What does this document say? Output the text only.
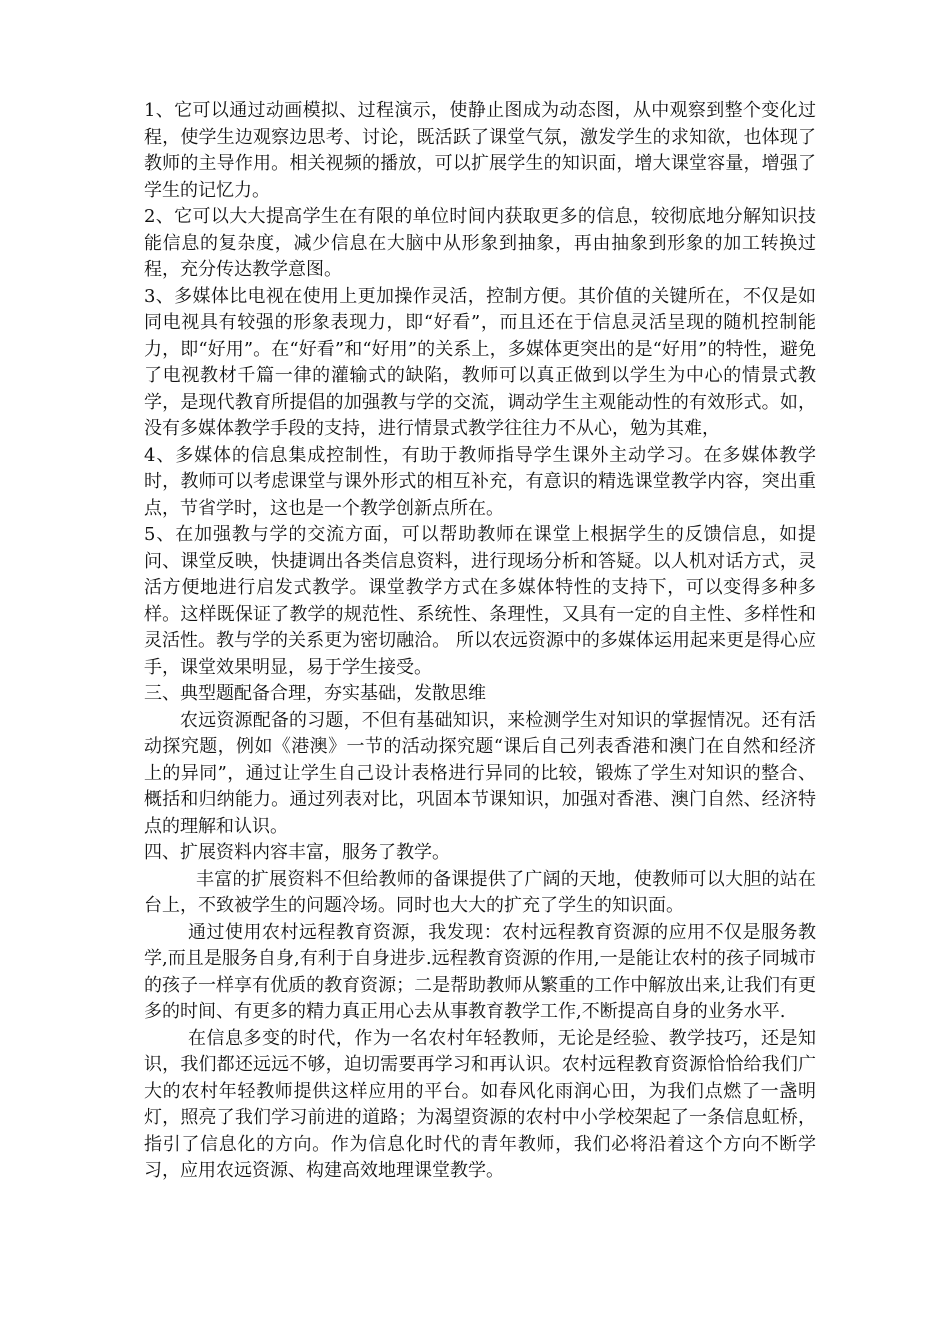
1、它可以通过动画模拟、过程演示，使静止图成为动态图，从中观察到整个变化过程，使学生边观察边思考、讨论，既活跃了课堂气氛，激发学生的求知欲，也体现了教师的主导作用。相关视频的播放，可以扩展学生的知识面，增大课堂容量，增强了学生的记忆力。

2、它可以大大提高学生在有限的单位时间内获取更多的信息，较彻底地分解知识技能信息的复杂度，减少信息在大脑中从形象到抽象，再由抽象到形象的加工转换过程，充分传达教学意图。

3、多媒体比电视在使用上更加操作灵活，控制方便。其价值的关键所在，不仅是如同电视具有较强的形象表现力，即“好看”，而且还在于信息灵活呈现的随机控制能力，即“好用”。在“好看”和“好用”的关系上，多媒体更突出的是“好用”的特性，避免了电视教材千篇一律的灌输式的缺陷，教师可以真正做到以学生为中心的情景式教学，是现代教育所提倡的加强教与学的交流，调动学生主观能动性的有效形式。如，没有多媒体教学手段的支持，进行情景式教学往往力不从心，勉为其难，

4、多媒体的信息集成控制性，有助于教师指导学生课外主动学习。在多媒体教学时，教师可以考虑课堂与课外形式的相互补充，有意识的精选课堂教学内容，突出重点，节省学时，这也是一个教学创新点所在。

5、在加强教与学的交流方面，可以帮助教师在课堂上根据学生的反馈信息，如提问、课堂反映，快捷调出各类信息资料，进行现场分析和答疑。以人机对话方式，灵活方便地进行启发式教学。课堂教学方式在多媒体特性的支持下，可以变得多种多样。这样既保证了教学的规范性、系统性、条理性，又具有一定的自主性、多样性和灵活性。教与学的关系更为密切融洽。 所以农远资源中的多媒体运用起来更是得心应手，课堂效果明显，易于学生接受。

三、典型题配备合理，夯实基础，发散思维

农远资源配备的习题，不但有基础知识，来检测学生对知识的掌握情况。还有活动探究题，例如《港澳》一节的活动探究题“课后自己列表香港和澳门在自然和经济上的异同”，通过让学生自己设计表格进行异同的比较，锻炼了学生对知识的整合、概括和归纳能力。通过列表对比，巩固本节课知识，加强对香港、澳门自然、经济特点的理解和认识。

四、扩展资料内容丰富，服务了教学。

丰富的扩展资料不但给教师的备课提供了广阔的天地，使教师可以大胆的站在台上，不致被学生的问题冷场。同时也大大的扩充了学生的知识面。

通过使用农村远程教育资源，我发现：农村远程教育资源的应用不仅是服务教学,而且是服务自身,有利于自身进步.远程教育资源的作用,一是能让农村的孩子同城市的孩子一样享有优质的教育资源；二是帮助教师从繁重的工作中解放出来,让我们有更多的时间、有更多的精力真正用心去从事教育教学工作,不断提高自身的业务水平.

在信息多变的时代，作为一名农村年轻教师，无论是经验、教学技巧，还是知识，我们都还远远不够，迫切需要再学习和再认识。农村远程教育资源恰恰给我们广大的农村年轻教师提供这样应用的平台。如春风化雨润心田，为我们点燃了一盏明灯，照亮了我们学习前进的道路；为渴望资源的农村中小学校架起了一条信息虹桥，指引了信息化的方向。作为信息化时代的青年教师，我们必将沿着这个方向不断学习，应用农远资源、构建高效地理课堂教学。
